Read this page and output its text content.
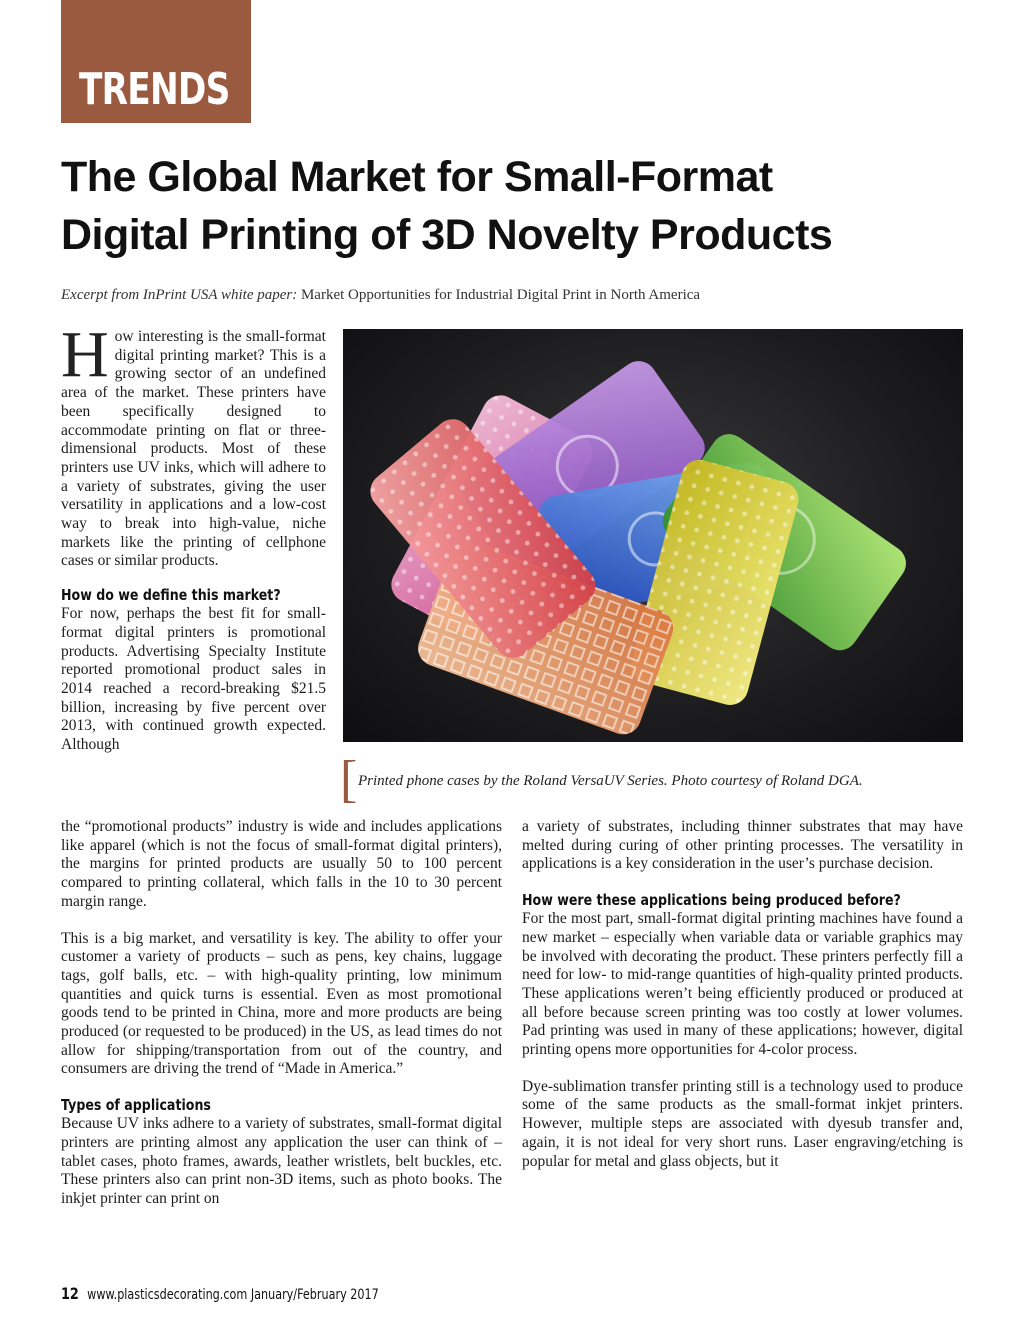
TRENDS
The Global Market for Small-Format
Digital Printing of 3D Novelty Products
Excerpt from InPrint USA white paper: Market Opportunities for Industrial Digital Print in North America

How interesting is the small-format digital printing market? This is a growing sector of an undefined area of the market. These printers have been specifically designed to accommodate printing on flat or three-dimensional products. Most of these printers use UV inks, which will adhere to a variety of substrates, giving the user versatility in applications and a low-cost way to break into high-value, niche markets like the printing of cellphone cases or similar products.

How do we define this market?

For now, perhaps the best fit for small-format digital printers is promotional products. Advertising Specialty Institute reported promotional product sales in 2014 reached a record-breaking $21.5 billion, increasing by five percent over 2013, with continued growth expected. Although

[ Printed phone cases by the Roland VersaUV Series. Photo courtesy of Roland DGA.

the “promotional products” industry is wide and includes applications like apparel (which is not the focus of small-format digital printers), the margins for printed products are usually 50 to 100 percent compared to printing collateral, which falls in the 10 to 30 percent margin range.

This is a big market, and versatility is key. The ability to offer your customer a variety of products – such as pens, key chains, luggage tags, golf balls, etc. – with high-quality printing, low minimum quantities and quick turns is essential. Even as most promotional goods tend to be printed in China, more and more products are being produced (or requested to be produced) in the US, as lead times do not allow for shipping/transportation from out of the country, and consumers are driving the trend of “Made in America.”

Types of applications

Because UV inks adhere to a variety of substrates, small-format digital printers are printing almost any application the user can think of – tablet cases, photo frames, awards, leather wristlets, belt buckles, etc. These printers also can print non-3D items, such as photo books. The inkjet printer can print on

a variety of substrates, including thinner substrates that may have melted during curing of other printing processes. The versatility in applications is a key consideration in the user’s purchase decision.

How were these applications being produced before?

For the most part, small-format digital printing machines have found a new market – especially when variable data or variable graphics may be involved with decorating the product. These printers perfectly fill a need for low- to mid-range quantities of high-quality printed products. These applications weren’t being efficiently produced or produced at all before because screen printing was too costly at lower volumes. Pad printing was used in many of these applications; however, digital printing opens more opportunities for 4-color process.

Dye-sublimation transfer printing still is a technology used to produce some of the same products as the small-format inkjet printers. However, multiple steps are associated with dyesub transfer and, again, it is not ideal for very short runs. Laser engraving/etching is popular for metal and glass objects, but it

12 www.plasticsdecorating.com January/February 2017
